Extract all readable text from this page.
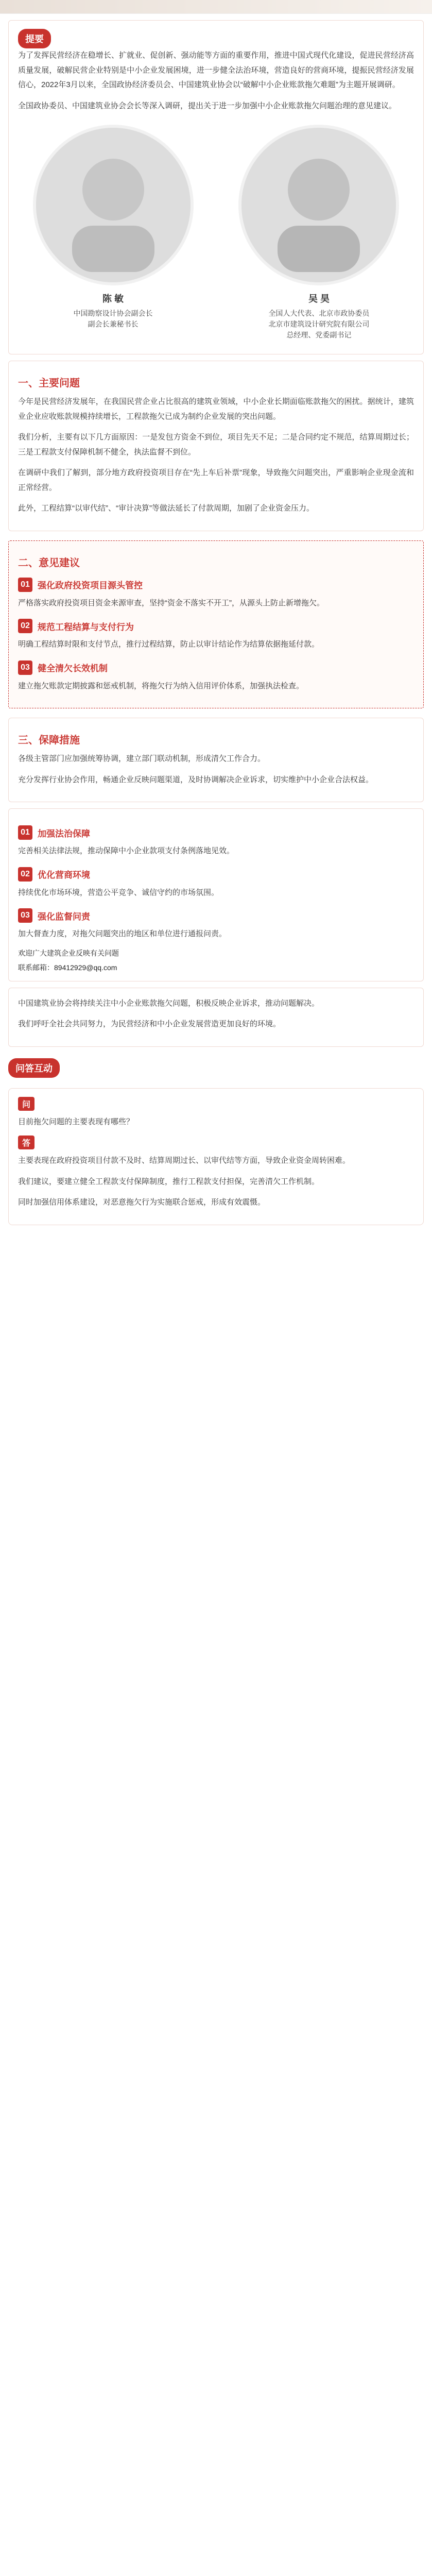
提要

为了发挥民营经济在稳增长、扩就业、促创新、强动能等方面的重要作用，推进中国式现代化建设，促进民营经济高质量发展，破解民营企业特别是中小企业发展困境，进一步健全法治环境，营造良好的营商环境，提振民营经济发展信心，2022年3月以来，全国政协经济委员会、中国建筑业协会以“破解中小企业账款拖欠难题”为主题开展调研。

全国政协委员、中国建筑业协会会长等深入调研，提出关于进一步加强中小企业账款拖欠问题治理的意见建议。

陈 敏
中国勘察设计协会副会长
副会长兼秘书长
吴 昊
全国人大代表、北京市政协委员
北京市建筑设计研究院有限公司
总经理、党委副书记
一、主要问题

今年是民营经济发展年，在我国民营企业占比很高的建筑业领域，中小企业长期面临账款拖欠的困扰。据统计，建筑业企业应收账款规模持续增长，工程款拖欠已成为制约企业发展的突出问题。

我们分析，主要有以下几方面原因：一是发包方资金不到位，项目先天不足；二是合同约定不规范，结算周期过长；三是工程款支付保障机制不健全，执法监督不到位。

在调研中我们了解到，部分地方政府投资项目存在“先上车后补票”现象，导致拖欠问题突出，严重影响企业现金流和正常经营。

此外，工程结算“以审代结”、“审计决算”等做法延长了付款周期，加剧了企业资金压力。

二、意见建议
01 强化政府投资项目源头管控

严格落实政府投资项目资金来源审查，坚持“资金不落实不开工”，从源头上防止新增拖欠。

02 规范工程结算与支付行为

明确工程结算时限和支付节点，推行过程结算，防止以审计结论作为结算依据拖延付款。

03 健全清欠长效机制

建立拖欠账款定期披露和惩戒机制，将拖欠行为纳入信用评价体系，加强执法检查。

三、保障措施

各级主管部门应加强统筹协调，建立部门联动机制，形成清欠工作合力。

充分发挥行业协会作用，畅通企业反映问题渠道，及时协调解决企业诉求，切实维护中小企业合法权益。

01 加强法治保障

完善相关法律法规，推动保障中小企业款项支付条例落地见效。

02 优化营商环境

持续优化市场环境，营造公平竞争、诚信守约的市场氛围。

03 强化监督问责

加大督查力度，对拖欠问题突出的地区和单位进行通报问责。

欢迎广大建筑企业反映有关问题
联系邮箱：89412929@qq.com

中国建筑业协会将持续关注中小企业账款拖欠问题，积极反映企业诉求，推动问题解决。

我们呼吁全社会共同努力，为民营经济和中小企业发展营造更加良好的环境。

问答互动
问

目前拖欠问题的主要表现有哪些？

答

主要表现在政府投资项目付款不及时、结算周期过长、以审代结等方面，导致企业资金周转困难。

我们建议，要建立健全工程款支付保障制度，推行工程款支付担保，完善清欠工作机制。

同时加强信用体系建设，对恶意拖欠行为实施联合惩戒，形成有效震慑。
